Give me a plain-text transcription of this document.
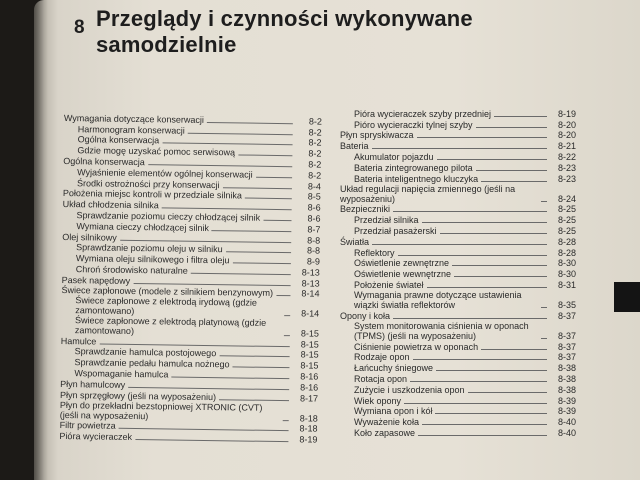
8 Przeglądy i czynności wykonywane
samodzielnie
Wymagania dotyczące konserwacji	8-2
Harmonogram konserwacji	8-2
Ogólna konserwacja	8-2
Gdzie mogę uzyskać pomoc serwisową	8-2
Ogólna konserwacja	8-2
Wyjaśnienie elementów ogólnej konserwacji	8-2
Środki ostrożności przy konserwacji	8-4
Położenia miejsc kontroli w przedziale silnika	8-5
Układ chłodzenia silnika	8-6
Sprawdzanie poziomu cieczy chłodzącej silnik	8-6
Wymiana cieczy chłodzącej silnik	8-7
Olej silnikowy	8-8
Sprawdzanie poziomu oleju w silniku	8-8
Wymiana oleju silnikowego i filtra oleju	8-9
Chroń środowisko naturalne	8-13
Pasek napędowy	8-13
Świece zapłonowe (modele z silnikiem benzynowym)	8-14
Świece zapłonowe z elektrodą irydową (gdzie zamontowano)	8-14
Świece zapłonowe z elektrodą platynową (gdzie zamontowano)	8-15
Hamulce	8-15
Sprawdzanie hamulca postojowego	8-15
Sprawdzanie pedału hamulca nożnego	8-15
Wspomaganie hamulca	8-16
Płyn hamulcowy	8-16
Płyn sprzęgłowy (jeśli na wyposażeniu)	8-17
Płyn do przekładni bezstopniowej XTRONIC (CVT) (jeśli na wyposażeniu)	8-18
Filtr powietrza	8-18
Pióra wycieraczek	8-19
Pióra wycieraczek szyby przedniej	8-19
Pióro wycieraczki tylnej szyby	8-20
Płyn spryskiwacza	8-20
Bateria	8-21
Akumulator pojazdu	8-22
Bateria zintegrowanego pilota	8-23
Bateria inteligentnego kluczyka	8-23
Układ regulacji napięcia zmiennego (jeśli na wyposażeniu)	8-24
Bezpieczniki	8-25
Przedział silnika	8-25
Przedział pasażerski	8-25
Światła	8-28
Reflektory	8-28
Oświetlenie zewnętrzne	8-30
Oświetlenie wewnętrzne	8-30
Położenie świateł	8-31
Wymagania prawne dotyczące ustawienia wiązki światła reflektorów	8-35
Opony i koła	8-37
System monitorowania ciśnienia w oponach (TPMS) (jeśli na wyposażeniu)	8-37
Ciśnienie powietrza w oponach	8-37
Rodzaje opon	8-37
Łańcuchy śniegowe	8-38
Rotacja opon	8-38
Zużycie i uszkodzenia opon	8-38
Wiek opony	8-39
Wymiana opon i kół	8-39
Wyważenie koła	8-40
Koło zapasowe	8-40
